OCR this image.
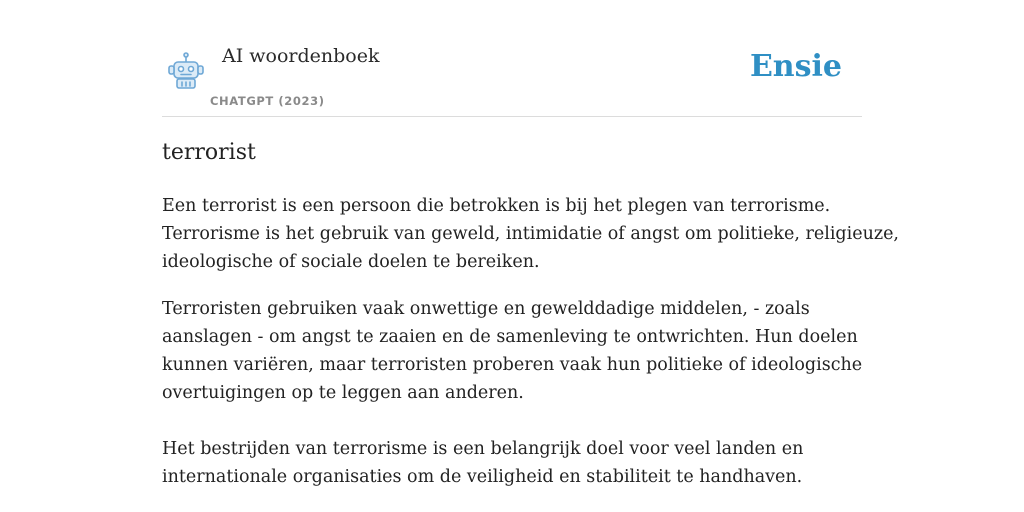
AI woordenboek
CHATGPT (2023)
Ensie
terrorist
Een terrorist is een persoon die betrokken is bij het plegen van terrorisme.
Terrorisme is het gebruik van geweld, intimidatie of angst om politieke, religieuze,
ideologische of sociale doelen te bereiken.
Terroristen gebruiken vaak onwettige en gewelddadige middelen, - zoals
aanslagen - om angst te zaaien en de samenleving te ontwrichten. Hun doelen
kunnen variëren, maar terroristen proberen vaak hun politieke of ideologische
overtuigingen op te leggen aan anderen.
Het bestrijden van terrorisme is een belangrijk doel voor veel landen en
internationale organisaties om de veiligheid en stabiliteit te handhaven.
